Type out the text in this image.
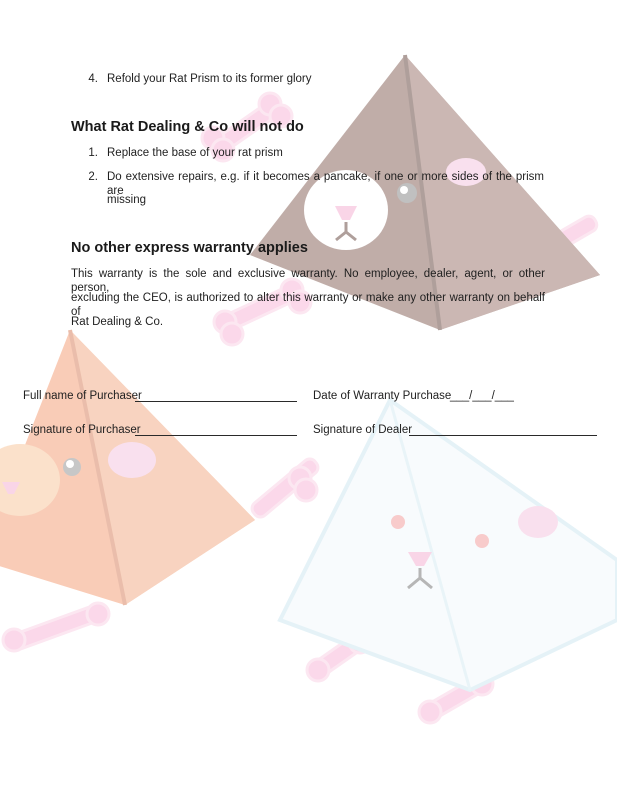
4. Refold your Rat Prism to its former glory
What Rat Dealing & Co will not do
1. Replace the base of your rat prism
2. Do extensive repairs, e.g. if it becomes a pancake, if one or more sides of the prism are
missing
No other express warranty applies
This warranty is the sole and exclusive warranty. No employee, dealer, agent, or other person,
excluding the CEO, is authorized to alter this warranty or make any other warranty on behalf of
Rat Dealing & Co.
Full name of Purchaser	Date of Warranty Purchase
___/___/___
Signature of Purchaser	Signature of Dealer
